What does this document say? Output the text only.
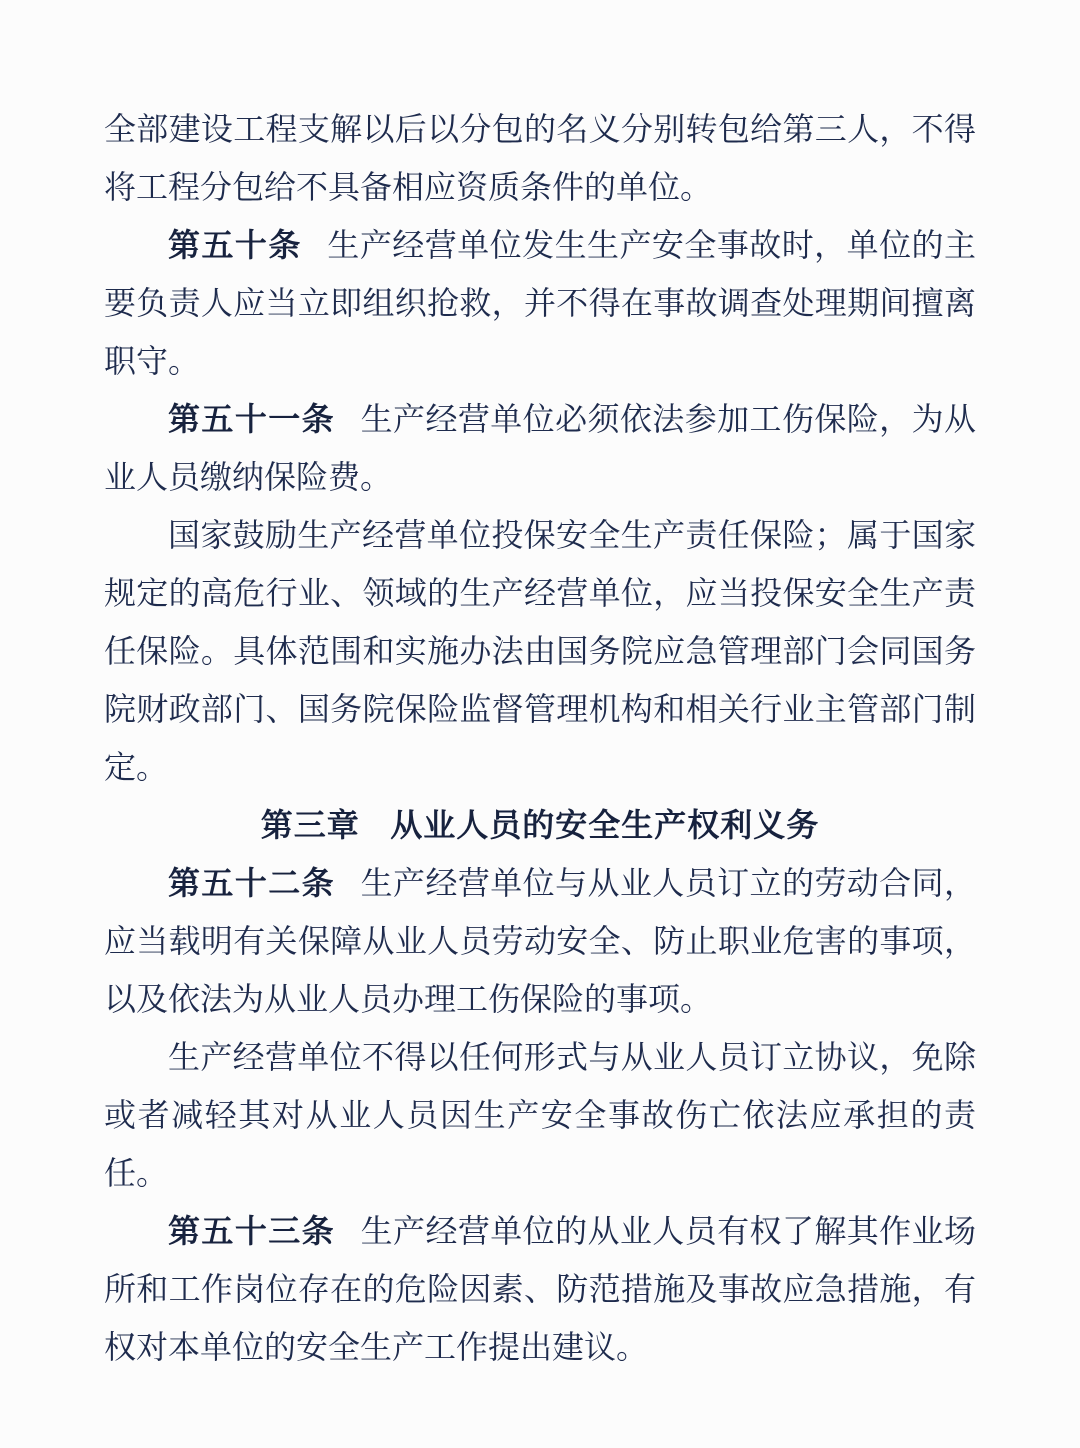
全部建设工程支解以后以分包的名义分别转包给第三人，不得将工程分包给不具备相应资质条件的单位。

第五十条 生产经营单位发生生产安全事故时，单位的主要负责人应当立即组织抢救，并不得在事故调查处理期间擅离职守。

第五十一条 生产经营单位必须依法参加工伤保险，为从业人员缴纳保险费。

国家鼓励生产经营单位投保安全生产责任保险；属于国家规定的高危行业、领域的生产经营单位，应当投保安全生产责任保险。具体范围和实施办法由国务院应急管理部门会同国务院财政部门、国务院保险监督管理机构和相关行业主管部门制定。

第三章 从业人员的安全生产权利义务

第五十二条 生产经营单位与从业人员订立的劳动合同，应当载明有关保障从业人员劳动安全、防止职业危害的事项，以及依法为从业人员办理工伤保险的事项。

生产经营单位不得以任何形式与从业人员订立协议，免除或者减轻其对从业人员因生产安全事故伤亡依法应承担的责任。

第五十三条 生产经营单位的从业人员有权了解其作业场所和工作岗位存在的危险因素、防范措施及事故应急措施，有权对本单位的安全生产工作提出建议。
